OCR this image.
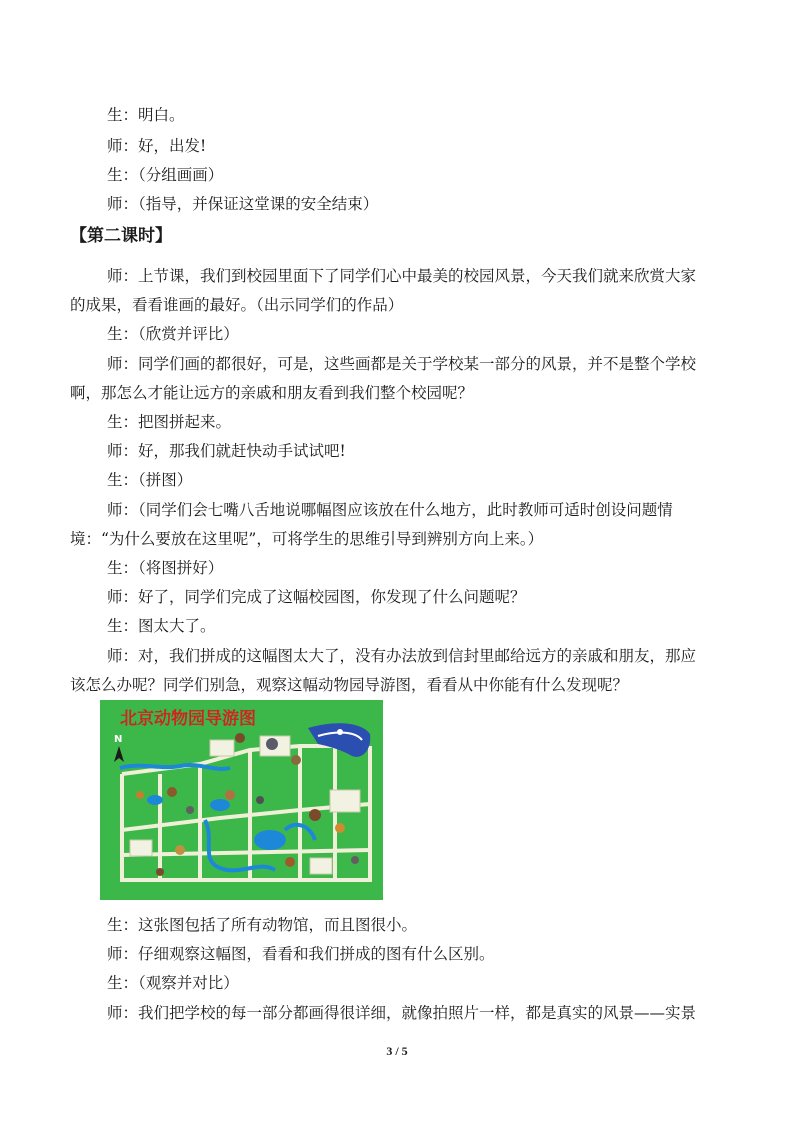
生：明白。
师：好，出发!
生：（分组画画）
师：（指导，并保证这堂课的安全结束）
【第二课时】
师：上节课，我们到校园里面下了同学们心中最美的校园风景，今天我们就来欣赏大家
的成果，看看谁画的最好。（出示同学们的作品）
生：（欣赏并评比）
师：同学们画的都很好，可是，这些画都是关于学校某一部分的风景，并不是整个学校
啊，那怎么才能让远方的亲戚和朋友看到我们整个校园呢？
生：把图拼起来。
师：好，那我们就赶快动手试试吧!
生：（拼图）
师：（同学们会七嘴八舌地说哪幅图应该放在什么地方，此时教师可适时创设问题情
境：“为什么要放在这里呢”，可将学生的思维引导到辨别方向上来。）
生：（将图拼好）
师：好了，同学们完成了这幅校园图，你发现了什么问题呢？
生：图太大了。
师：对，我们拼成的这幅图太大了，没有办法放到信封里邮给远方的亲戚和朋友，那应
该怎么办呢？同学们别急，观察这幅动物园导游图，看看从中你能有什么发现呢？
北京动物园导游图
N
生：这张图包括了所有动物馆，而且图很小。
师：仔细观察这幅图，看看和我们拼成的图有什么区别。
生：（观察并对比）
师：我们把学校的每一部分都画得很详细，就像拍照片一样，都是真实的风景——实景
3 / 5
